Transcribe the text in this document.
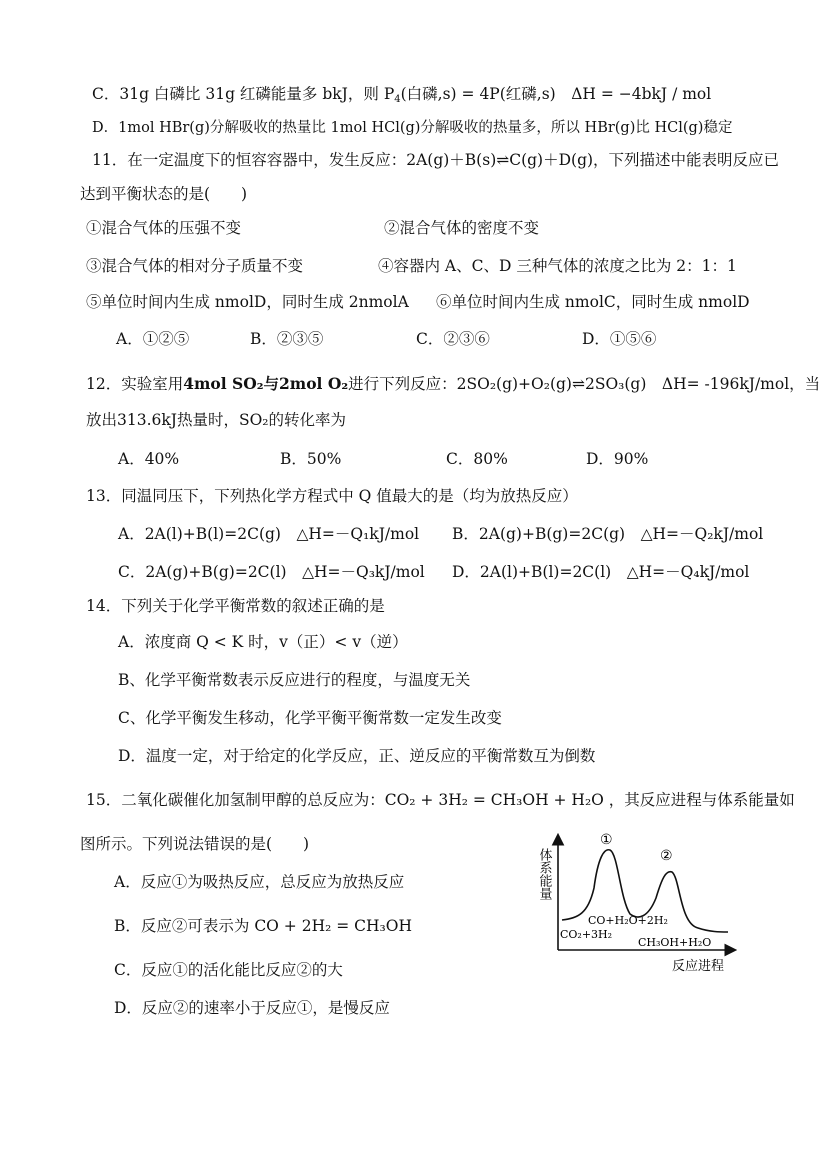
C．31g 白磷比 31g 红磷能量多 bkJ，则 $P_4$(白磷,s) = 4P(红磷,s)　ΔH = −4bkJ / mol
D．1mol HBr(g)分解吸收的热量比 1mol HCl(g)分解吸收的热量多，所以 HBr(g)比 HCl(g)稳定
11．在一定温度下的恒容容器中，发生反应：2A(g)＋B(s)⇌C(g)＋D(g)，下列描述中能表明反应已
达到平衡状态的是(　　)
①混合气体的压强不变	②混合气体的密度不变
③混合气体的相对分子质量不变	④容器内 A、C、D 三种气体的浓度之比为 2：1：1
⑤单位时间内生成 nmolD，同时生成 2nmolA ⑥单位时间内生成 nmolC，同时生成 nmolD
A．①②⑤	B．②③⑤	C．②③⑥	D．①⑤⑥
12．实验室用4mol SO₂与2mol O₂进行下列反应：2SO₂(g)+O₂(g)⇌2SO₃(g)　ΔH= -196kJ/mol，当
放出313.6kJ热量时，SO₂的转化率为
A．40%	B．50%	C．80%	D．90%
13．同温同压下，下列热化学方程式中 Q 值最大的是（均为放热反应）
A．2A(l)+B(l)=2C(g)　△H=－Q₁kJ/mol B．2A(g)+B(g)=2C(g)　△H=－Q₂kJ/mol
C．2A(g)+B(g)=2C(l)　△H=－Q₃kJ/mol D．2A(l)+B(l)=2C(l)　△H=－Q₄kJ/mol
14．下列关于化学平衡常数的叙述正确的是
A．浓度商 Q < K 时，v（正）< v（逆）
B、化学平衡常数表示反应进行的程度，与温度无关
C、化学平衡发生移动，化学平衡平衡常数一定发生改变
D．温度一定，对于给定的化学反应，正、逆反应的平衡常数互为倒数
15．二氧化碳催化加氢制甲醇的总反应为：CO₂ + 3H₂ = CH₃OH + H₂O ，其反应进程与体系能量如
图所示。下列说法错误的是(　　)
A．反应①为吸热反应，总反应为放热反应
B．反应②可表示为 CO + 2H₂ = CH₃OH
C．反应①的活化能比反应②的大
D．反应②的速率小于反应①，是慢反应
体系能量
①
②
CO+H₂O+2H₂
CO₂+3H₂
CH₃OH+H₂O
反应进程
